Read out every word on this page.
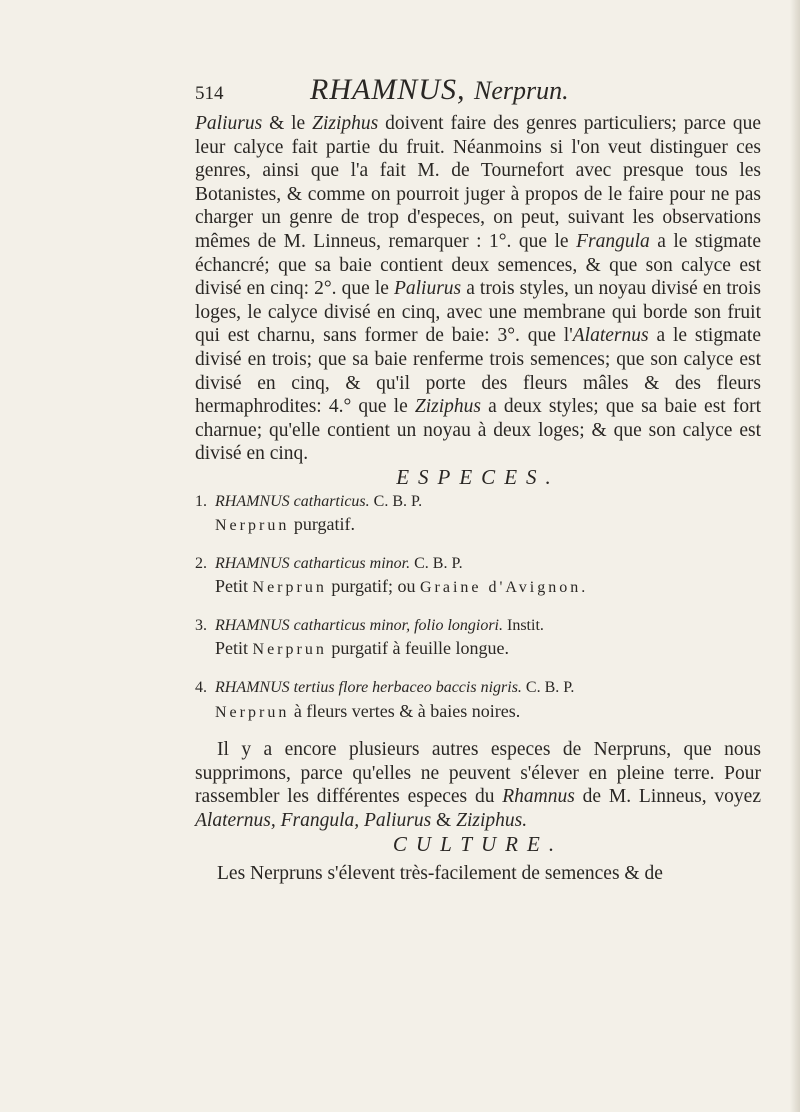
514	RHAMNUS, Nerprun.

Paliurus & le Ziziphus doivent faire des genres particuliers; parce que leur calyce fait partie du fruit. Néanmoins si l'on veut distinguer ces genres, ainsi que l'a fait M. de Tournefort avec presque tous les Botanistes, & comme on pourroit juger à propos de le faire pour ne pas charger un genre de trop d'especes, on peut, suivant les observations mêmes de M. Linneus, remarquer : 1°. que le Frangula a le stigmate échancré; que sa baie contient deux semences, & que son calyce est divisé en cinq: 2°. que le Paliurus a trois styles, un noyau divisé en trois loges, le calyce divisé en cinq, avec une membrane qui borde son fruit qui est charnu, sans former de baie: 3°. que l'Alaternus a le stigmate divisé en trois; que sa baie renferme trois semences; que son calyce est divisé en cinq, & qu'il porte des fleurs mâles & des fleurs hermaphrodites: 4.° que le Ziziphus a deux styles; que sa baie est fort charnue; qu'elle contient un noyau à deux loges; & que son calyce est divisé en cinq.

ESPECES.

1. RHAMNUS catharticus. C. B. P.
Nerprun purgatif.
2. RHAMNUS catharticus minor. C. B. P.
Petit Nerprun purgatif; ou Graine d'Avignon.
3. RHAMNUS catharticus minor, folio longiori. Instit.
Petit Nerprun purgatif à feuille longue.
4. RHAMNUS tertius flore herbaceo baccis nigris. C. B. P.
Nerprun à fleurs vertes & à baies noires.

Il y a encore plusieurs autres especes de Nerpruns, que nous supprimons, parce qu'elles ne peuvent s'élever en pleine terre. Pour rassembler les différentes especes du Rhamnus de M. Linneus, voyez Alaternus, Frangula, Paliurus & Ziziphus.

CULTURE.

Les Nerpruns s'élevent très-facilement de semences & de
